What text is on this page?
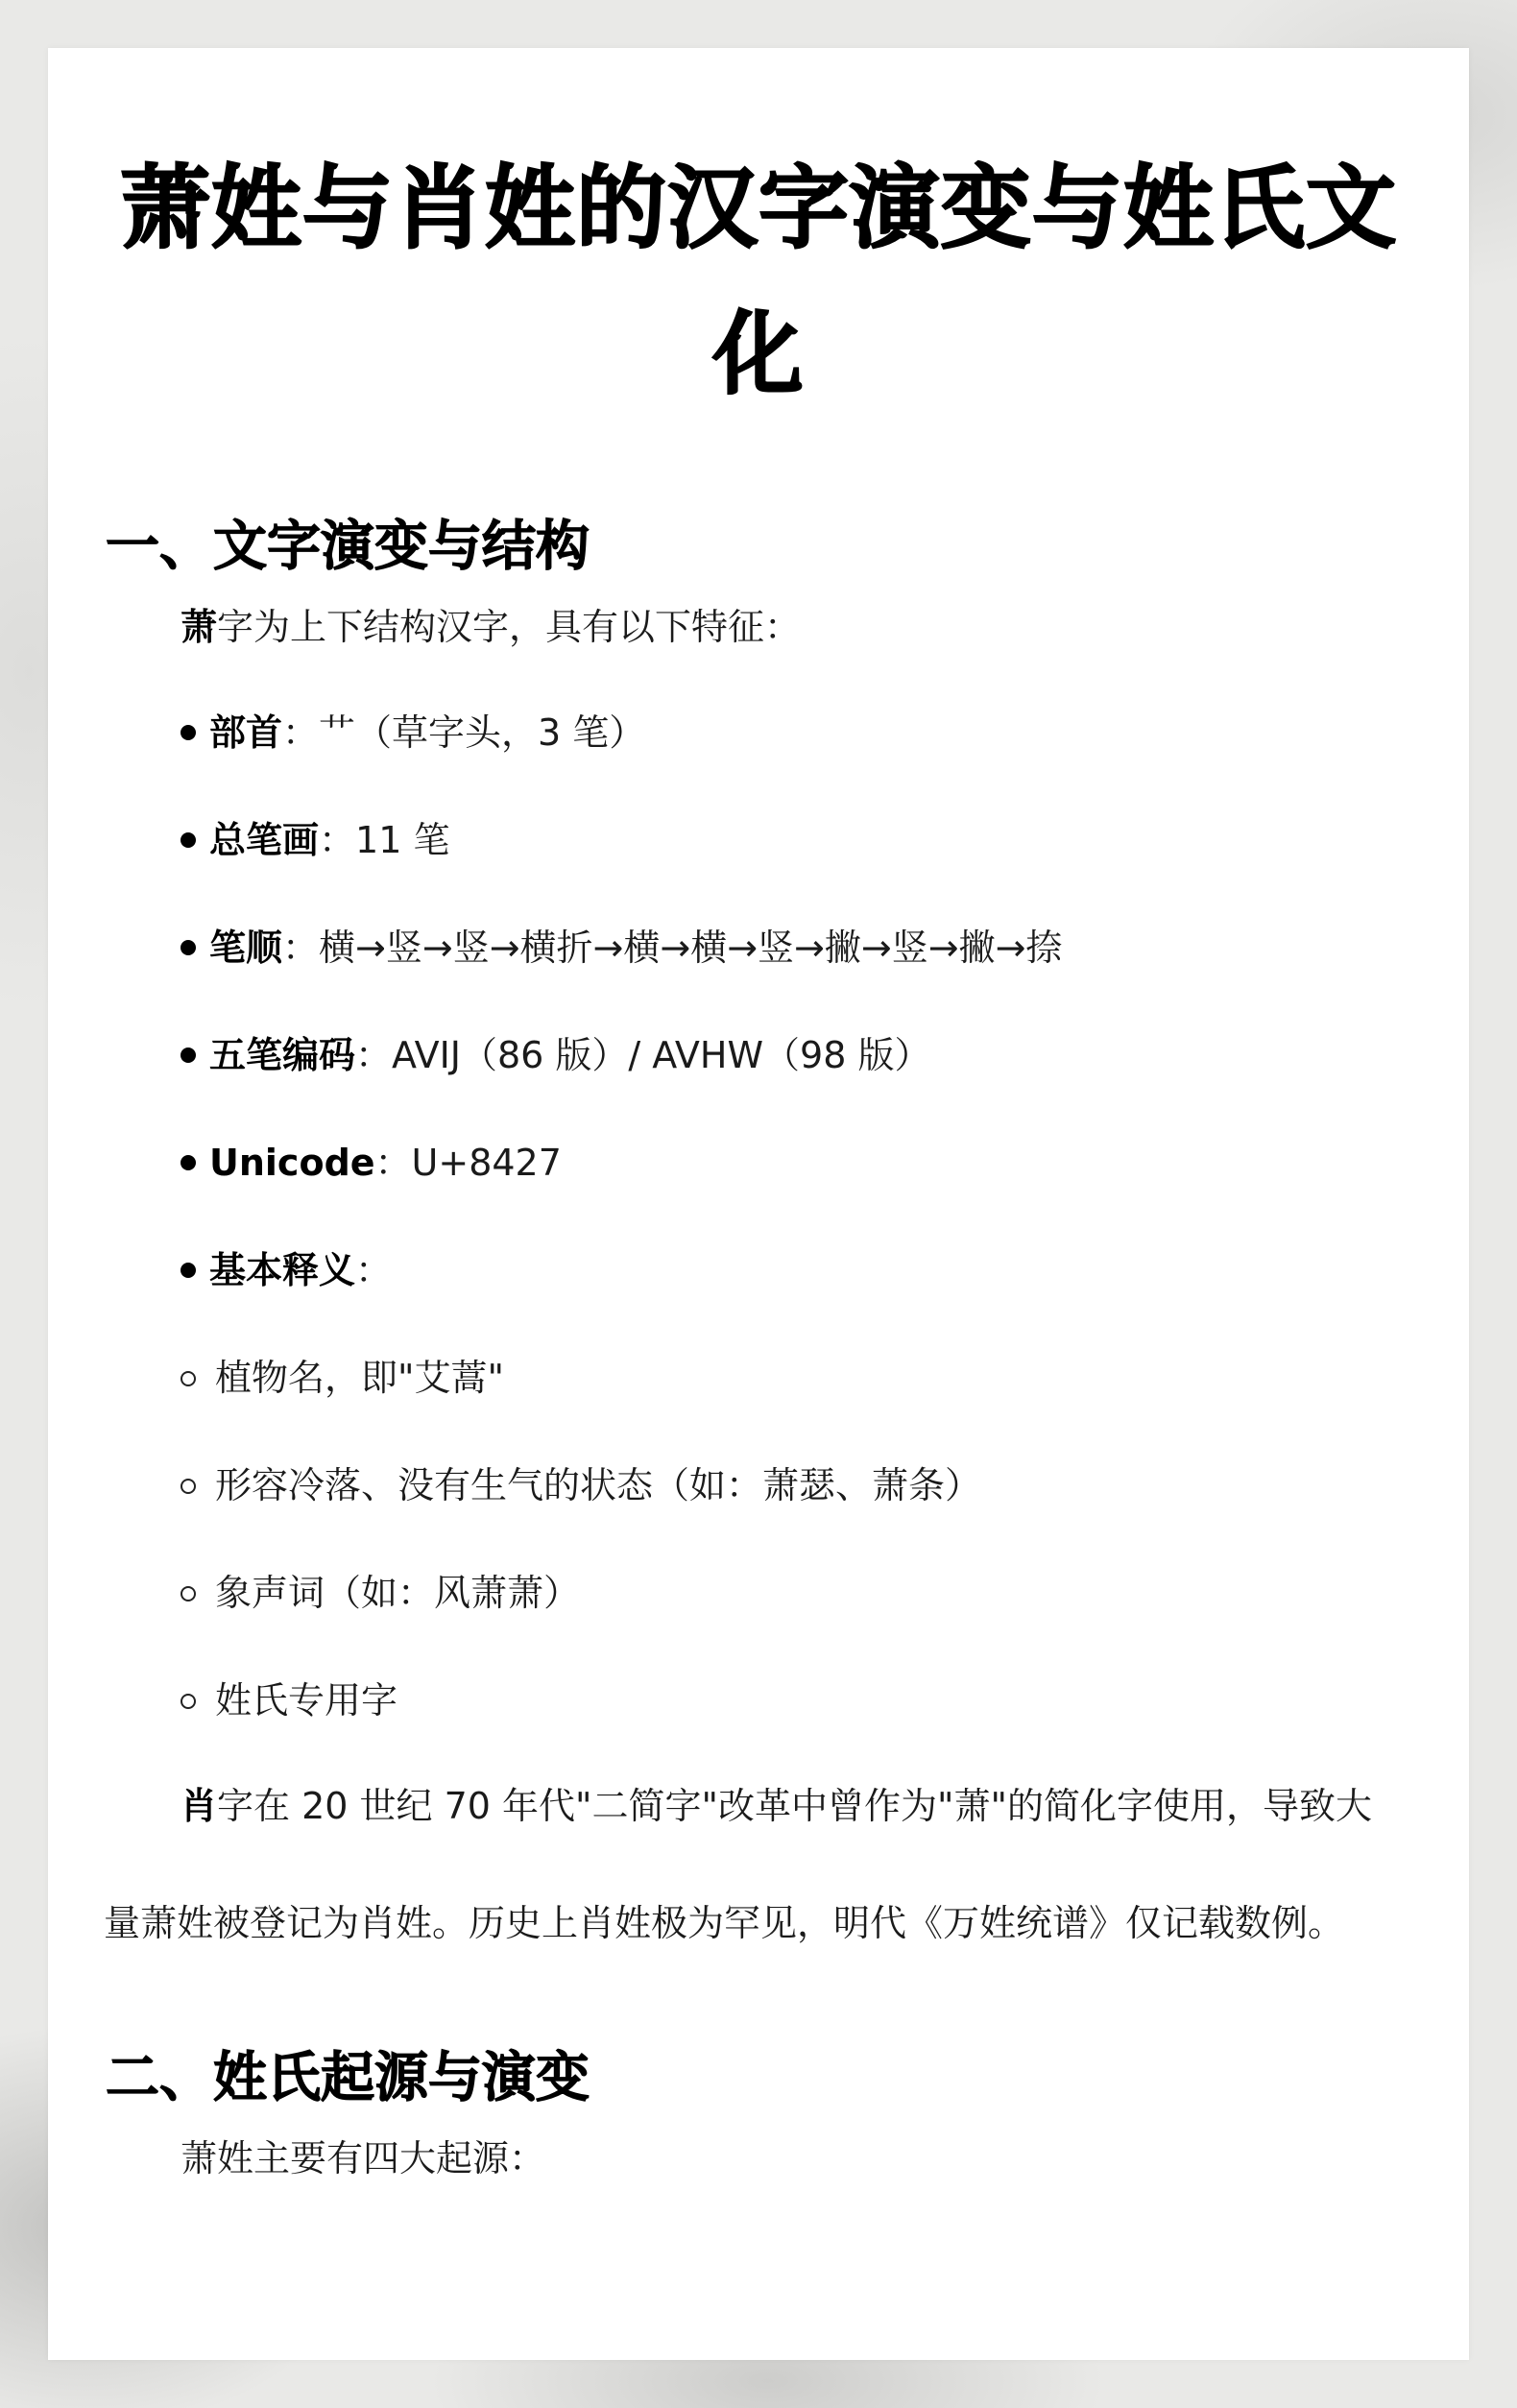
萧姓与肖姓的汉字演变与姓氏文化
一、文字演变与结构
萧字为上下结构汉字，具有以下特征：
部首：艹（草字头，3 笔）
总笔画：11 笔
笔顺：横→竖→竖→横折→横→横→竖→撇→竖→撇→捺
五笔编码：AVIJ（86 版）/ AVHW（98 版）
Unicode：U+8427
基本释义：
植物名，即"艾蒿"
形容冷落、没有生气的状态（如：萧瑟、萧条）
象声词（如：风萧萧）
姓氏专用字
肖字在 20 世纪 70 年代"二简字"改革中曾作为"萧"的简化字使用，导致大
量萧姓被登记为肖姓。历史上肖姓极为罕见，明代《万姓统谱》仅记载数例。
二、姓氏起源与演变
萧姓主要有四大起源：
